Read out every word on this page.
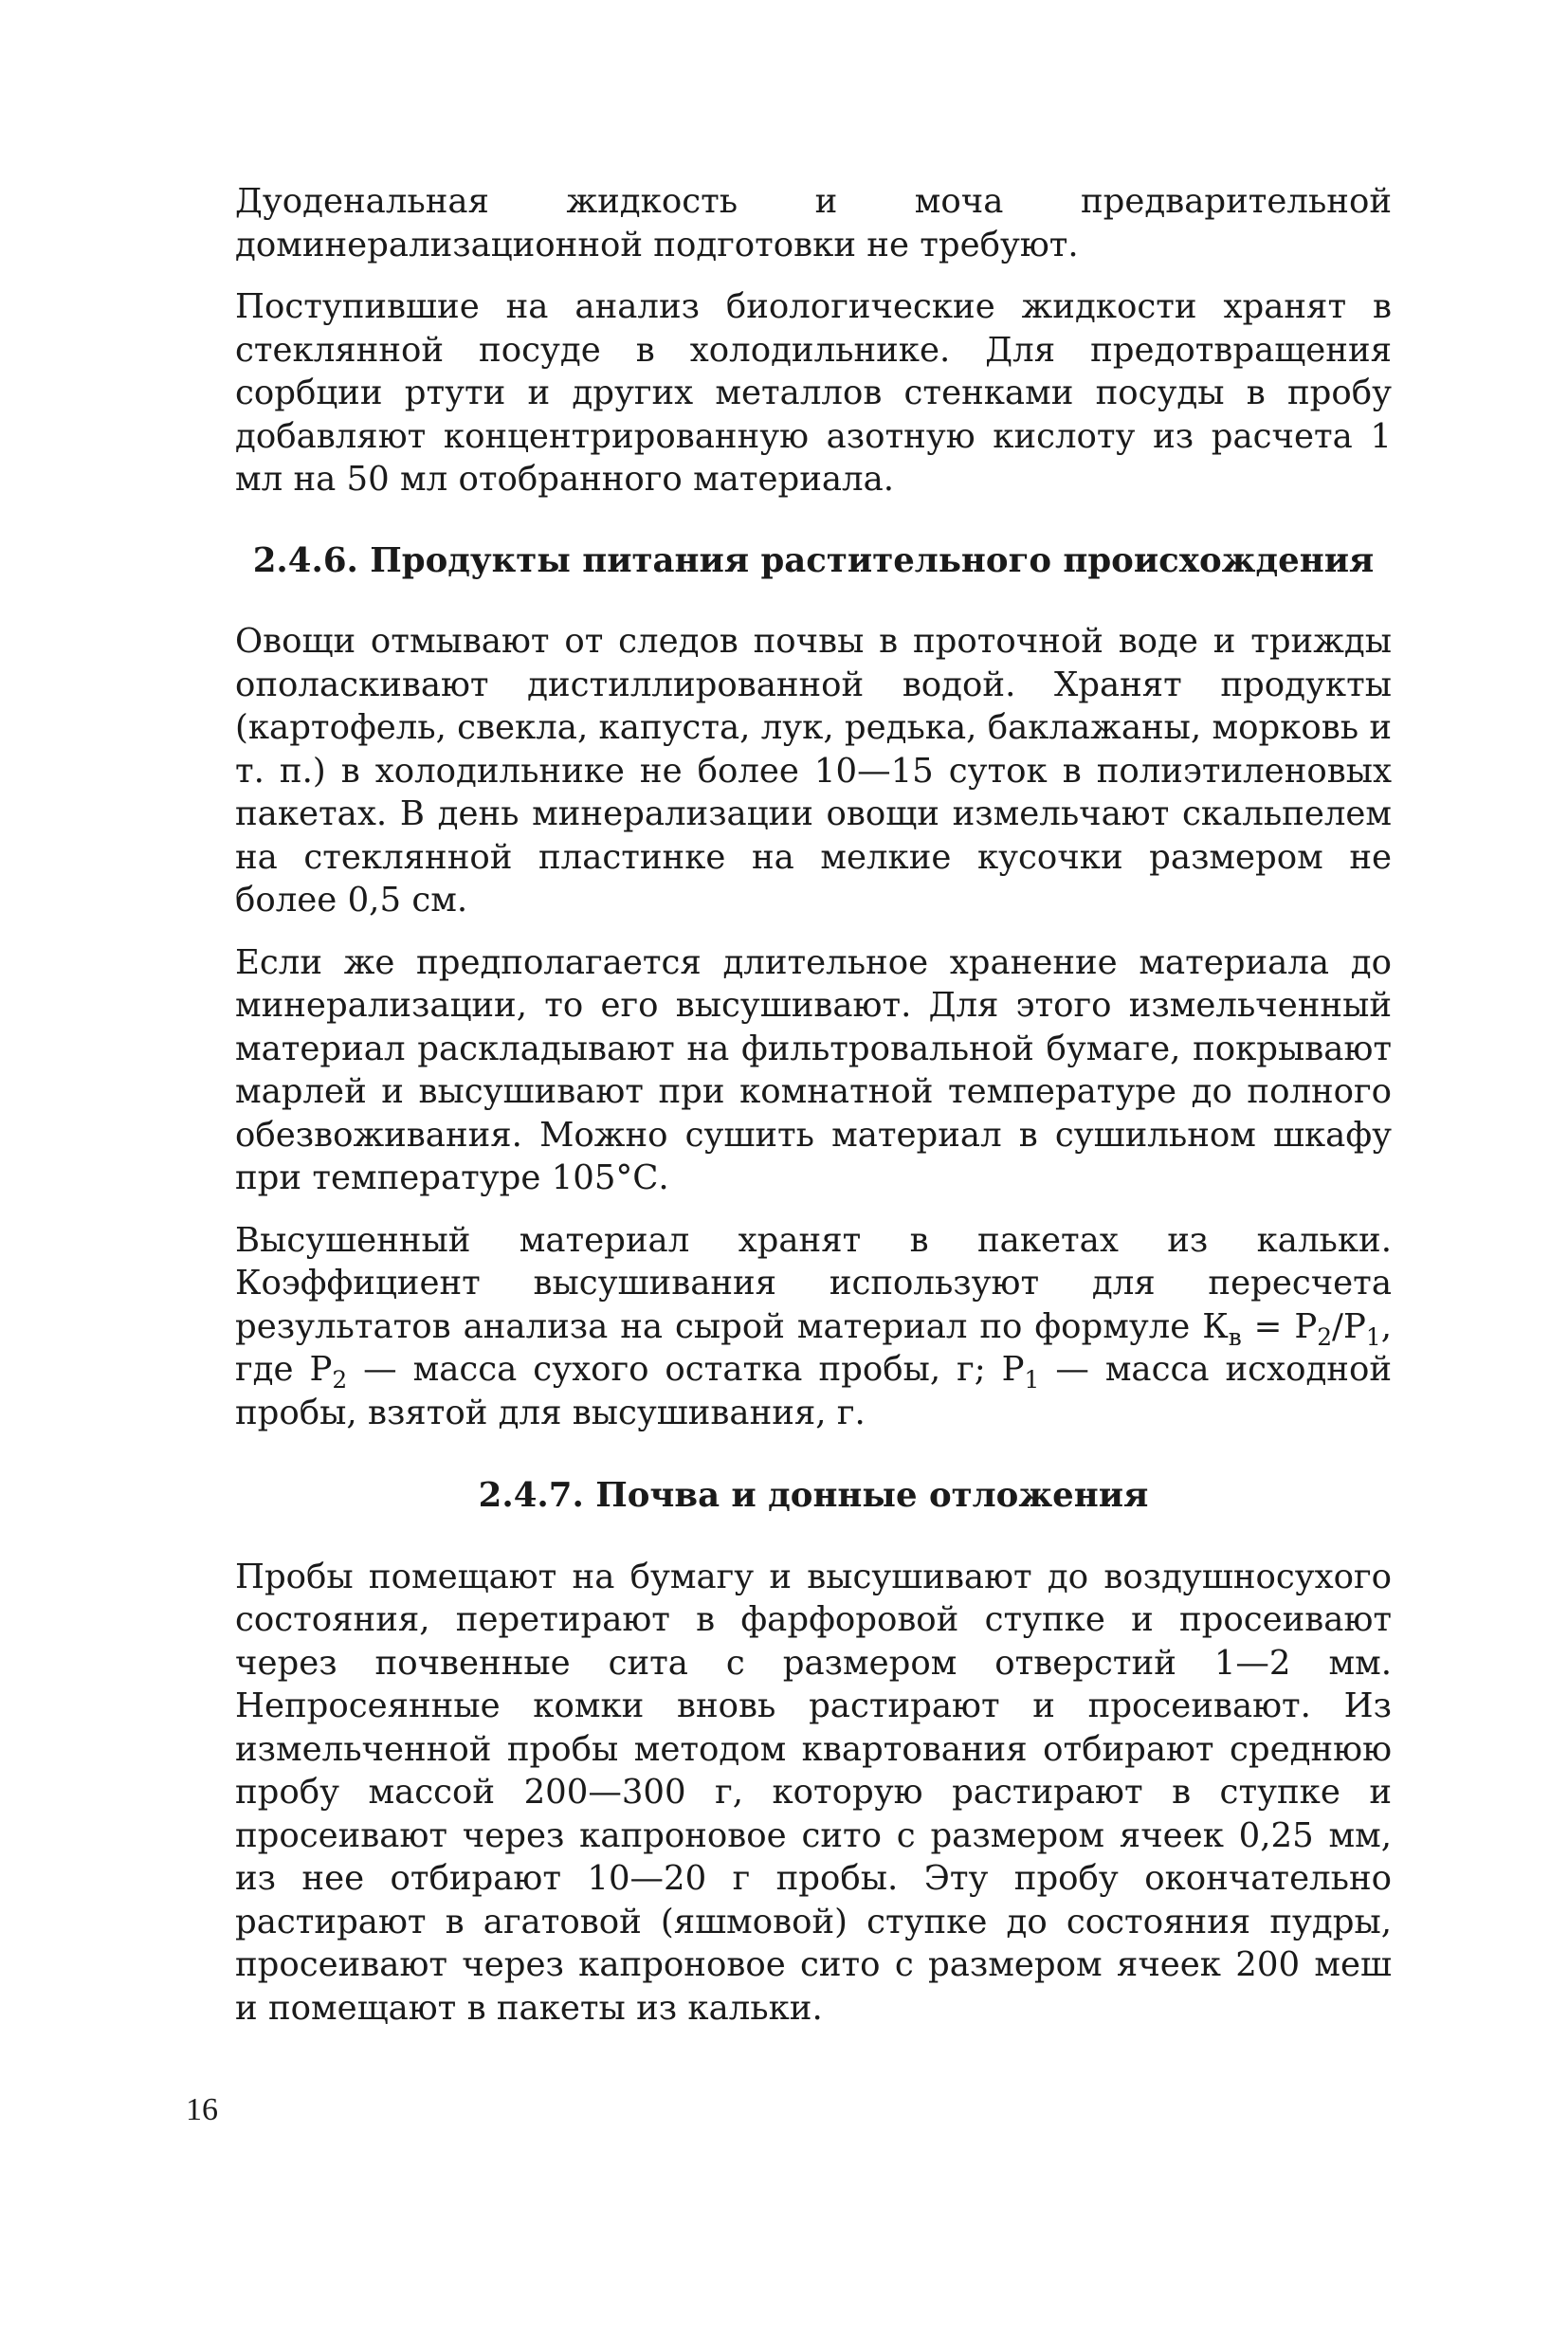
Дуоденальная жидкость и моча предварительной доминерализационной подготовки не требуют.

Поступившие на анализ биологические жидкости хранят в стеклянной посуде в холодильнике. Для предотвращения сорбции ртути и других металлов стенками посуды в пробу добавляют концентрированную азотную кислоту из расчета 1 мл на 50 мл отобранного материала.

2.4.6. Продукты питания растительного происхождения

Овощи отмывают от следов почвы в проточной воде и трижды ополаскивают дистиллированной водой. Хранят продукты (картофель, свекла, капуста, лук, редька, баклажаны, морковь и т. п.) в холодильнике не более 10—15 суток в полиэтиленовых пакетах. В день минерализации овощи измельчают скальпелем на стеклянной пластинке на мелкие кусочки размером не более 0,5 см.

Если же предполагается длительное хранение материала до минерализации, то его высушивают. Для этого измельченный материал раскладывают на фильтровальной бумаге, покрывают марлей и высушивают при комнатной температуре до полного обезвоживания. Можно сушить материал в сушильном шкафу при температуре 105°С.

Высушенный материал хранят в пакетах из кальки. Коэффициент высушивания используют для пересчета результатов анализа на сырой материал по формуле $К_в = Р_2/Р_1$, где $Р_2$ — масса сухого остатка пробы, г; $Р_1$ — масса исходной пробы, взятой для высушивания, г.

2.4.7. Почва и донные отложения

Пробы помещают на бумагу и высушивают до воздушносухого состояния, перетирают в фарфоровой ступке и просеивают через почвенные сита с размером отверстий 1—2 мм. Непросеянные комки вновь растирают и просеивают. Из измельченной пробы методом квартования отбирают среднюю пробу массой 200—300 г, которую растирают в ступке и просеивают через капроновое сито с размером ячеек 0,25 мм, из нее отбирают 10—20 г пробы. Эту пробу окончательно растирают в агатовой (яшмовой) ступке до состояния пудры, просеивают через капроновое сито с размером ячеек 200 меш и помещают в пакеты из кальки.

16
